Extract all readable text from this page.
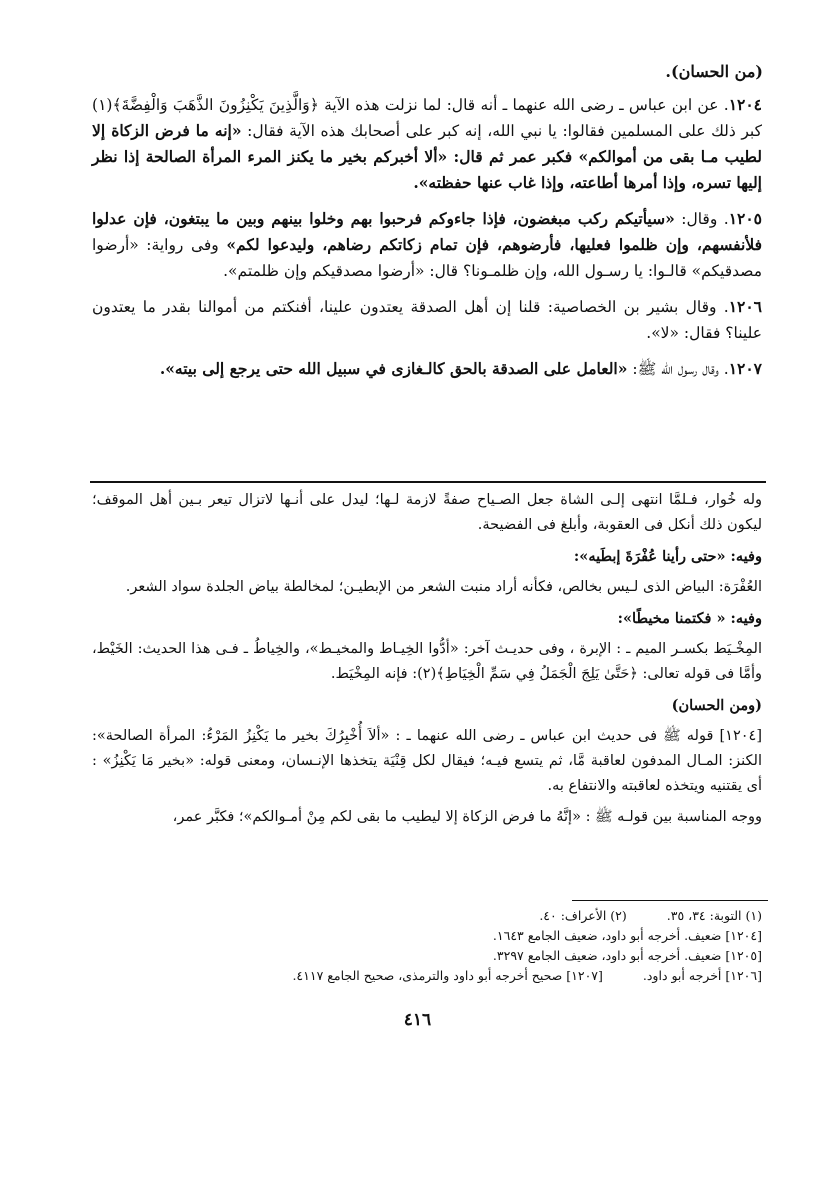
(من الحسان).

١٢٠٤. عن ابن عباس ـ رضى الله عنهما ـ أنه قال: لما نزلت هذه الآية ﴿وَالَّذِينَ يَكْنِزُونَ الذَّهَبَ وَالْفِضَّةَ﴾(١) كبر ذلك على المسلمين فقالوا: يا نبي الله، إنه كبر على أصحابك هذه الآية فقال: «إنه ما فرض الزكاة إلا لطيب مـا بقى من أموالكم» فكبر عمر ثم قال: «ألا أخبركم بخير ما يكنز المرء المرأة الصالحة إذا نظر إليها تسره، وإذا أمرها أطاعته، وإذا غاب عنها حفظته».

١٢٠٥. وقال: «سيأتيكم ركب مبغضون، فإذا جاءوكم فرحبوا بهم وخلوا بينهم وبين ما يبتغون، فإن عدلوا فلأنفسهم، وإن ظلموا فعليها، فأرضوهم، فإن تمام زكاتكم رضاهم، وليدعوا لكم» وفى رواية: «أرضوا مصدقيكم» قالـوا: يا رسـول الله، وإن ظلمـونا؟ قال: «أرضوا مصدقيكم وإن ظلمتم».

١٢٠٦. وقال بشير بن الخصاصية: قلنا إن أهل الصدقة يعتدون علينا، أفنكتم من أموالنا بقدر ما يعتدون علينا؟ فقال: «لا».

١٢٠٧. وقال رسول الله ﷺ: «العامل على الصدقة بالحق كالـغازى في سبيل الله حتى يرجع إلى بيته».

وله خُوار، فـلمَّا انتهى إلـى الشاة جعل الصـياح صفةً لازمة لـها؛ ليدل على أنـها لاتزال تيعر بـين أهل الموقف؛ ليكون ذلك أنكل فى العقوبة، وأبلغ فى الفضيحة.

وفيه: «حتى رأينا عُفْرَةَ إبطَيه»:

العُفْرَة: البياض الذى لـيس بخالص، فكأنه أراد منبت الشعر من الإبطيـن؛ لمخالطة بياض الجلدة سواد الشعر.

وفيه: « فكتمنا مخيطًا»:

المِخْـيَط بكسـر الميم ـ : الإبرة ، وفى حديـث آخر: «أدُّوا الخِيـاط والمخيـط»، والخِياطُ ـ فـى هذا الحديث: الخَيْط، وأمَّا فى قوله تعالى: ﴿حَتَّىٰ يَلِجَ الْجَمَلُ فِي سَمِّ الْخِيَاطِ﴾(٢): فإنه المِخْيَط.

(ومن الحسان)

[١٢٠٤] قوله ﷺ فى حديث ابن عباس ـ رضى الله عنهما ـ : «ألاَ أُخْبِرُكَ بخير ما يَكْنِزُ المَرْءُ: المرأة الصالحة»: الكنز: المـال المدفون لعاقبة مَّا، ثم يتسع فيـه؛ فيقال لكل قِنْيَة يتخذها الإنـسان، ومعنى قوله: «بخير مَا يَكْنِزُ» : أى يقتنيه ويتخذه لعاقبته والانتفاع به.

ووجه المناسبة بين قولـه ﷺ : «إنَّهُ ما فرض الزكاة إلا ليطيب ما بقى لكم مِنْ أمـوالكم»؛ فكبَّر عمر،

(١) التوبة: ٣٤، ٣٥.
(٢) الأعراف: ٤٠.
[١٢٠٤] ضعيف. أخرجه أبو داود، ضعيف الجامع ١٦٤٣.
[١٢٠٥] ضعيف. أخرجه أبو داود، ضعيف الجامع ٣٢٩٧.
[١٢٠٦] أخرجه أبو داود.
[١٢٠٧] صحيح أخرجه أبو داود والترمذى، صحيح الجامع ٤١١٧.
٤١٦
